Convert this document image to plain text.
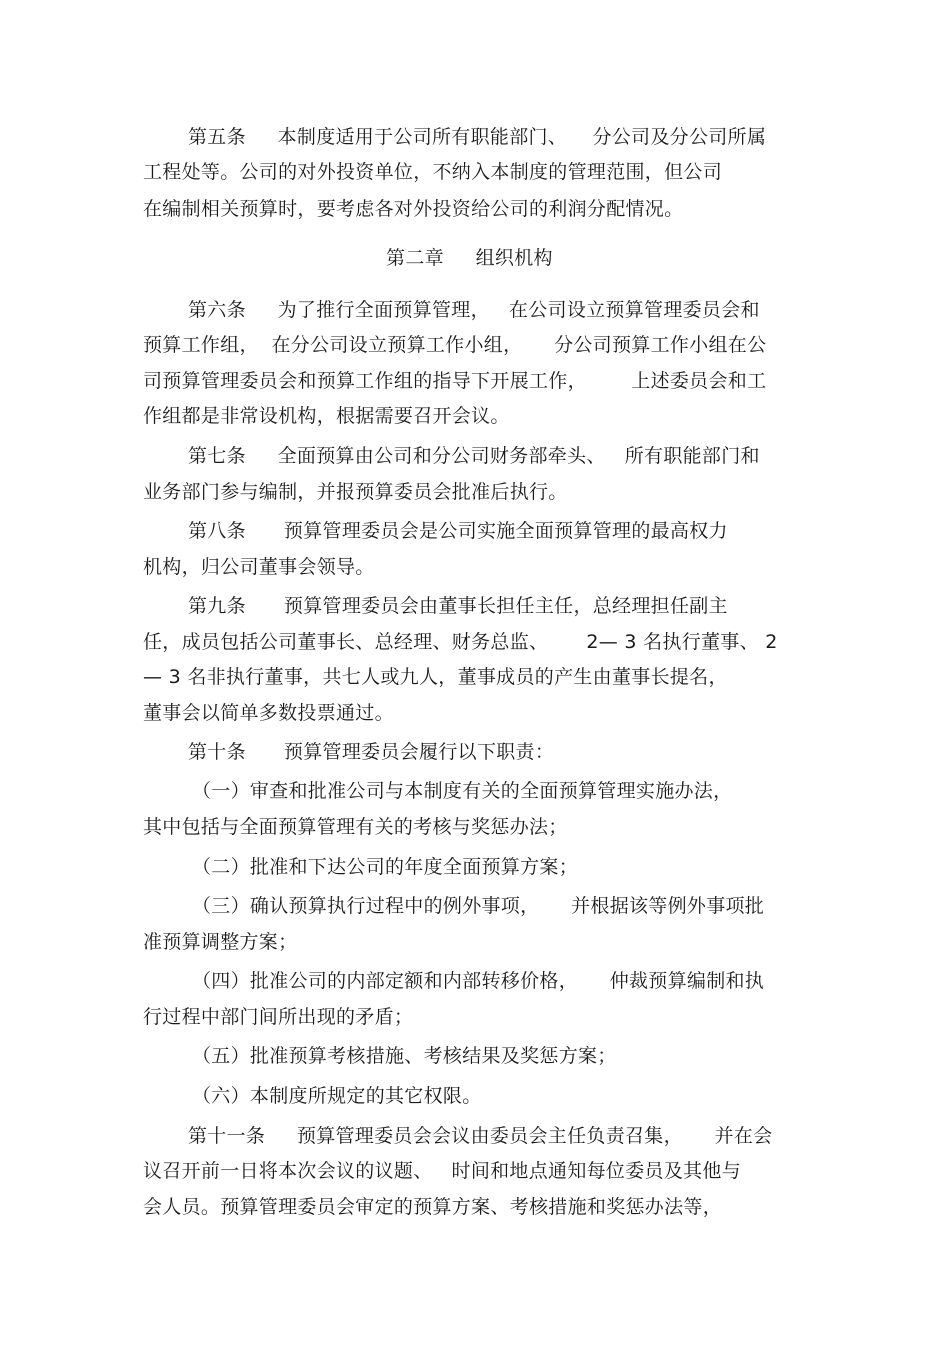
第五条     本制度适用于公司所有职能部门、    分公司及分公司所属
工程处等。公司的对外投资单位，不纳入本制度的管理范围，但公司
在编制相关预算时，要考虑各对外投资给公司的利润分配情况。
第二章     组织机构
第六条     为了推行全面预算管理，   在公司设立预算管理委员会和
预算工作组，  在分公司设立预算工作小组，     分公司预算工作小组在公
司预算管理委员会和预算工作组的指导下开展工作，       上述委员会和工
作组都是非常设机构，根据需要召开会议。
第七条     全面预算由公司和分公司财务部牵头、   所有职能部门和
业务部门参与编制，并报预算委员会批准后执行。
第八条      预算管理委员会是公司实施全面预算管理的最高权力
机构，归公司董事会领导。
第九条      预算管理委员会由董事长担任主任，总经理担任副主
任，成员包括公司董事长、总经理、财务总监、      2— 3 名执行董事、 2
— 3 名非执行董事，共七人或九人，董事成员的产生由董事长提名，
董事会以简单多数投票通过。
第十条      预算管理委员会履行以下职责：
（一）审查和批准公司与本制度有关的全面预算管理实施办法，
其中包括与全面预算管理有关的考核与奖惩办法；
（二）批准和下达公司的年度全面预算方案；
（三）确认预算执行过程中的例外事项，     并根据该等例外事项批
准预算调整方案；
（四）批准公司的内部定额和内部转移价格，     仲裁预算编制和执
行过程中部门间所出现的矛盾；
（五）批准预算考核措施、考核结果及奖惩方案；
（六）本制度所规定的其它权限。
第十一条     预算管理委员会会议由委员会主任负责召集，     并在会
议召开前一日将本次会议的议题、   时间和地点通知每位委员及其他与
会人员。预算管理委员会审定的预算方案、考核措施和奖惩办法等，
